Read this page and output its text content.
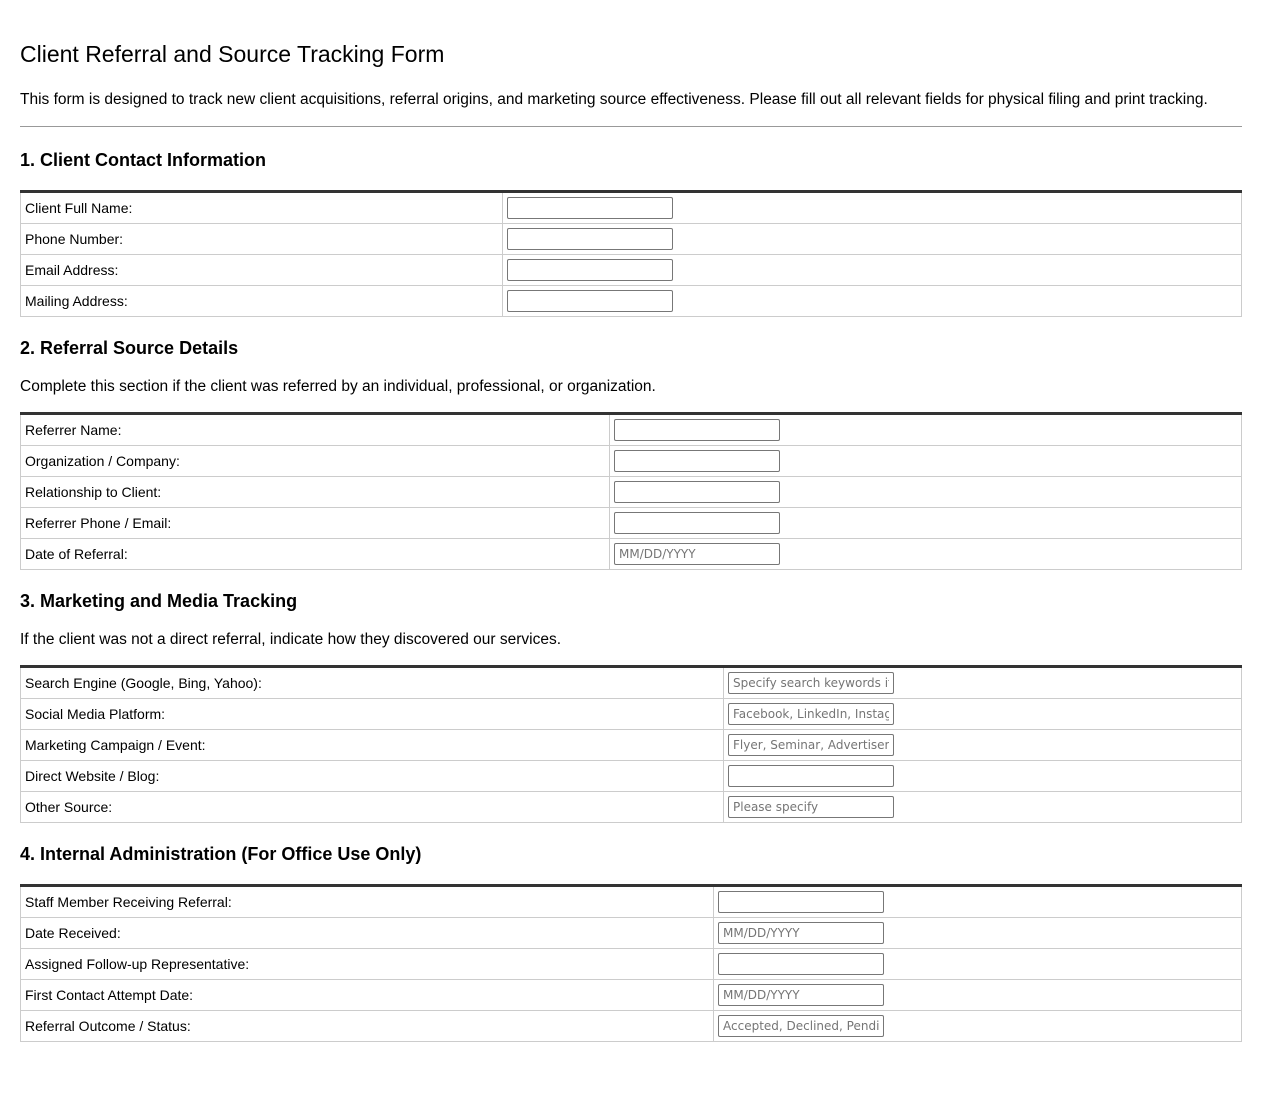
Client Referral and Source Tracking Form

This form is designed to track new client acquisitions, referral origins, and marketing source effectiveness. Please fill out all relevant fields for physical filing and print tracking.

1. Client Contact Information
Client Full Name:	

Phone Number:	

Email Address:	

Mailing Address:	
2. Referral Source Details

Complete this section if the client was referred by an individual, professional, or organization.

Referrer Name:	

Organization / Company:	

Relationship to Client:	

Referrer Phone / Email:	

Date of Referral:	
MM/DD/YYYY
3. Marketing and Media Tracking

If the client was not a direct referral, indicate how they discovered our services.

Search Engine (Google, Bing, Yahoo):	
Specify search keywords if known
Social Media Platform:	
Facebook, LinkedIn, Instagram, etc.
Marketing Campaign / Event:	
Flyer, Seminar, Advertisement, etc.
Direct Website / Blog:	

Other Source:	
Please specify
4. Internal Administration (For Office Use Only)
Staff Member Receiving Referral:	

Date Received:	
MM/DD/YYYY
Assigned Follow-up Representative:	

First Contact Attempt Date:	
MM/DD/YYYY
Referral Outcome / Status:	
Accepted, Declined, Pending
